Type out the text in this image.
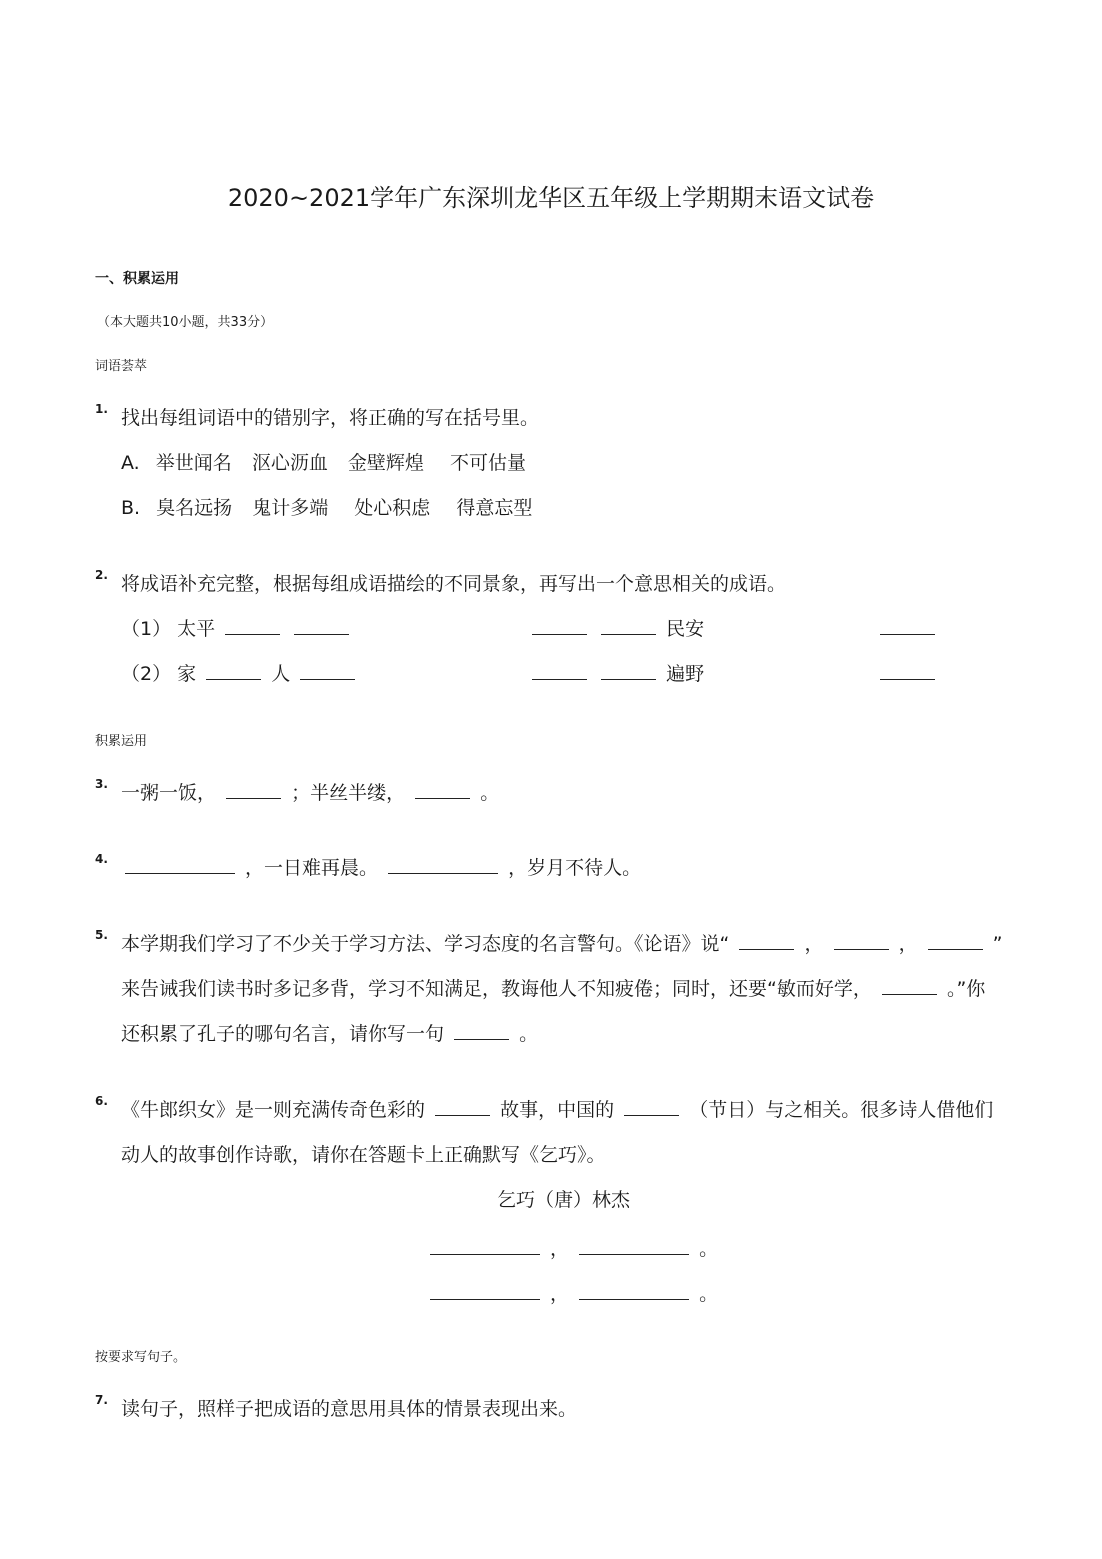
2020~2021学年广东深圳龙华区五年级上学期期末语文试卷
一、积累运用
（本大题共10小题，共33分）
词语荟萃
1. 找出每组词语中的错别字，将正确的写在括号里。
A. 举世闻名 沤心沥血 金壁辉煌 不可估量
B. 臭名远扬 鬼计多端 处心积虑 得意忘型
2. 将成语补充完整，根据每组成语描绘的不同景象，再写出一个意思相关的成语。
（1） 太平	民安
（2） 家	人	遍野
积累运用
3. 一粥一饭，	；半丝半缕，	。
4.	，一日难再晨。	，岁月不待人。
5. 本学期我们学习了不少关于学习方法、学习态度的名言警句。《论语》说“	，	，	”
来告诫我们读书时多记多背，学习不知满足，教诲他人不知疲倦；同时，还要“敏而好学，	。”你
还积累了孔子的哪句名言，请你写一句	。
6. 《牛郎织女》是一则充满传奇色彩的	故事，中国的	（节日）与之相关。很多诗人借他们
动人的故事创作诗歌，请你在答题卡上正确默写《乞巧》。
乞巧（唐）林杰
，	。
，	。
按要求写句子。
7. 读句子，照样子把成语的意思用具体的情景表现出来。
